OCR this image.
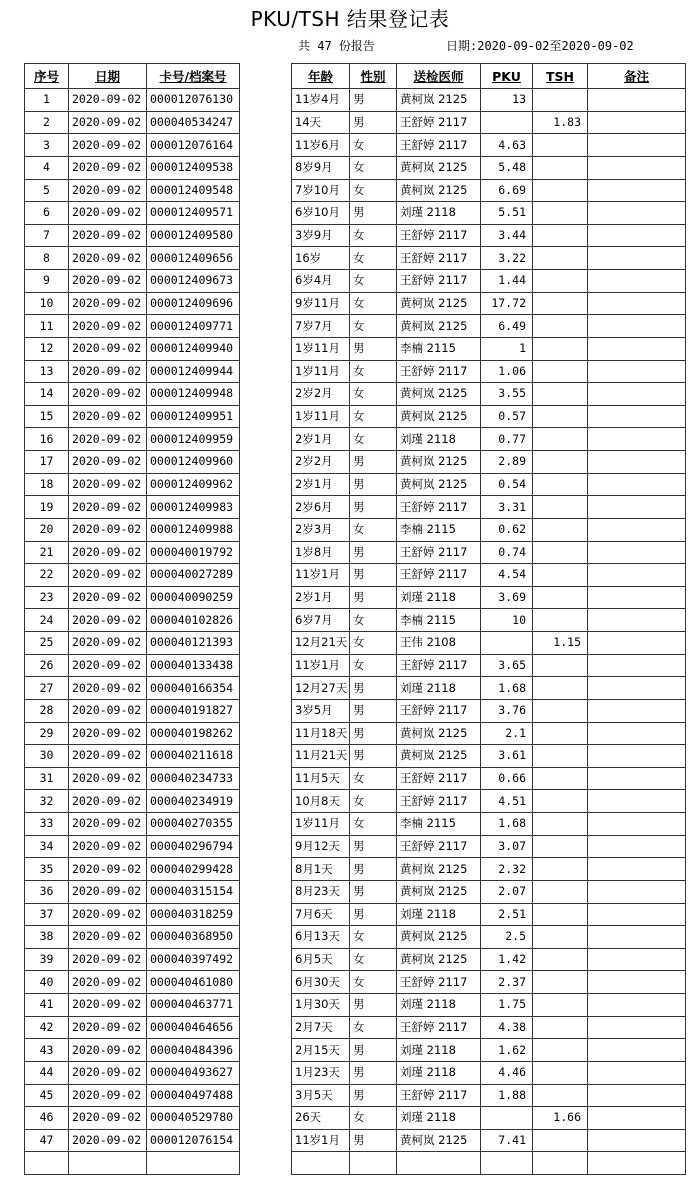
PKU/TSH 结果登记表
共 47 份报告	日期:2020-09-02至2020-09-02
序号	日期	卡号/档案号		年龄	性别	送检医师	PKU	TSH	备注
1	2020-09-02	000012076130		11岁4月	男	黄柯岚 2125	13		
2	2020-09-02	000040534247		14天	男	王舒婷 2117		1.83	
3	2020-09-02	000012076164		11岁6月	女	王舒婷 2117	4.63		
4	2020-09-02	000012409538		8岁9月	女	黄柯岚 2125	5.48		
5	2020-09-02	000012409548		7岁10月	女	黄柯岚 2125	6.69		
6	2020-09-02	000012409571		6岁10月	男	刘瑾 2118	5.51		
7	2020-09-02	000012409580		3岁9月	女	王舒婷 2117	3.44		
8	2020-09-02	000012409656		16岁	女	王舒婷 2117	3.22		
9	2020-09-02	000012409673		6岁4月	女	王舒婷 2117	1.44		
10	2020-09-02	000012409696		9岁11月	女	黄柯岚 2125	17.72		
11	2020-09-02	000012409771		7岁7月	女	黄柯岚 2125	6.49		
12	2020-09-02	000012409940		1岁11月	男	李楠 2115	1		
13	2020-09-02	000012409944		1岁11月	女	王舒婷 2117	1.06		
14	2020-09-02	000012409948		2岁2月	女	黄柯岚 2125	3.55		
15	2020-09-02	000012409951		1岁11月	女	黄柯岚 2125	0.57		
16	2020-09-02	000012409959		2岁1月	女	刘瑾 2118	0.77		
17	2020-09-02	000012409960		2岁2月	男	黄柯岚 2125	2.89		
18	2020-09-02	000012409962		2岁1月	男	黄柯岚 2125	0.54		
19	2020-09-02	000012409983		2岁6月	男	王舒婷 2117	3.31		
20	2020-09-02	000012409988		2岁3月	女	李楠 2115	0.62		
21	2020-09-02	000040019792		1岁8月	男	王舒婷 2117	0.74		
22	2020-09-02	000040027289		11岁1月	男	王舒婷 2117	4.54		
23	2020-09-02	000040090259		2岁1月	男	刘瑾 2118	3.69		
24	2020-09-02	000040102826		6岁7月	女	李楠 2115	10		
25	2020-09-02	000040121393		12月21天	女	王伟 2108		1.15	
26	2020-09-02	000040133438		11岁1月	女	王舒婷 2117	3.65		
27	2020-09-02	000040166354		12月27天	男	刘瑾 2118	1.68		
28	2020-09-02	000040191827		3岁5月	男	王舒婷 2117	3.76		
29	2020-09-02	000040198262		11月18天	男	黄柯岚 2125	2.1		
30	2020-09-02	000040211618		11月21天	男	黄柯岚 2125	3.61		
31	2020-09-02	000040234733		11月5天	女	王舒婷 2117	0.66		
32	2020-09-02	000040234919		10月8天	女	王舒婷 2117	4.51		
33	2020-09-02	000040270355		1岁11月	女	李楠 2115	1.68		
34	2020-09-02	000040296794		9月12天	男	王舒婷 2117	3.07		
35	2020-09-02	000040299428		8月1天	男	黄柯岚 2125	2.32		
36	2020-09-02	000040315154		8月23天	男	黄柯岚 2125	2.07		
37	2020-09-02	000040318259		7月6天	男	刘瑾 2118	2.51		
38	2020-09-02	000040368950		6月13天	女	黄柯岚 2125	2.5		
39	2020-09-02	000040397492		6月5天	女	黄柯岚 2125	1.42		
40	2020-09-02	000040461080		6月30天	女	王舒婷 2117	2.37		
41	2020-09-02	000040463771		1月30天	男	刘瑾 2118	1.75		
42	2020-09-02	000040464656		2月7天	女	王舒婷 2117	4.38		
43	2020-09-02	000040484396		2月15天	男	刘瑾 2118	1.62		
44	2020-09-02	000040493627		1月23天	男	刘瑾 2118	4.46		
45	2020-09-02	000040497488		3月5天	男	王舒婷 2117	1.88		
46	2020-09-02	000040529780		26天	女	刘瑾 2118		1.66	
47	2020-09-02	000012076154		11岁1月	男	黄柯岚 2125	7.41		
